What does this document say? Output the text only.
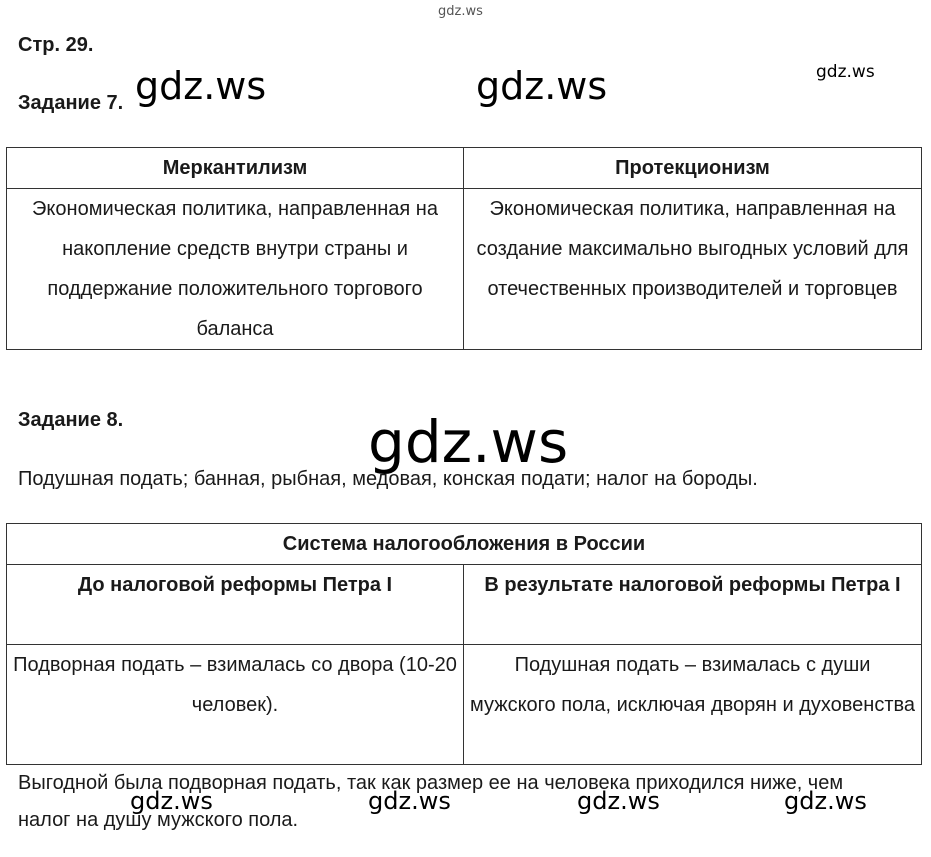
gdz.ws
Стр. 29.
Задание 7. gdz.ws	gdz.ws	gdz.ws
Меркантилизм	Протекционизм
Экономическая политика, направленная на накопление средств внутри страны и поддержание положительного торгового баланса	Экономическая политика, направленная на создание максимально выгодных условий для отечественных производителей и торговцев
Задание 8.	gdz.ws
Подушная подать; банная, рыбная, медовая, конская подати; налог на бороды.
Система налогообложения в России	
До налоговой реформы Петра I	В результате налоговой реформы Петра I
Подворная подать – взималась со двора (10-20 человек).	Подушная подать – взималась с души мужского пола, исключая дворян и духовенства
Выгодной была подворная подать, так как размер ее на человека приходился ниже, чем налог на душу мужского пола.
gdz.ws	gdz.ws	gdz.ws	gdz.ws
